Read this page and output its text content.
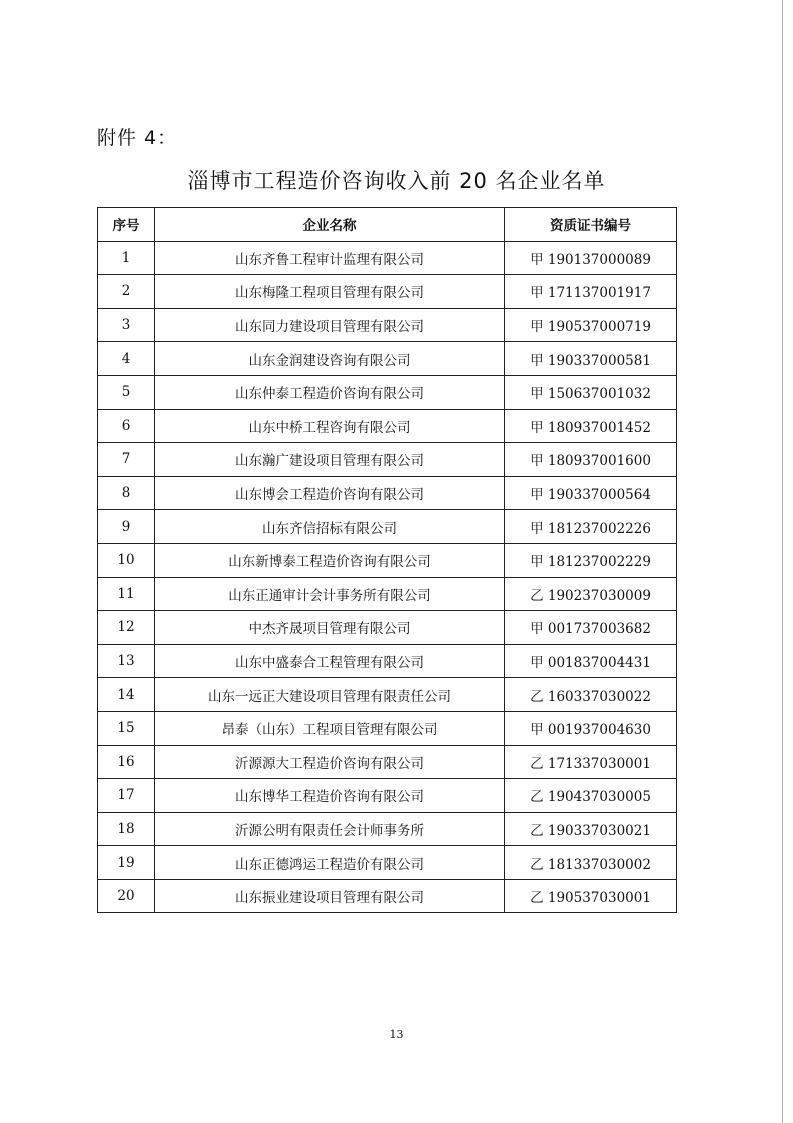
附件 4：
淄博市工程造价咨询收入前 20 名企业名单
序号	企业名称	资质证书编号
1	山东齐鲁工程审计监理有限公司	甲 190137000089
2	山东梅隆工程项目管理有限公司	甲 171137001917
3	山东同力建设项目管理有限公司	甲 190537000719
4	山东金润建设咨询有限公司	甲 190337000581
5	山东仲泰工程造价咨询有限公司	甲 150637001032
6	山东中桥工程咨询有限公司	甲 180937001452
7	山东瀚广建设项目管理有限公司	甲 180937001600
8	山东博会工程造价咨询有限公司	甲 190337000564
9	山东齐信招标有限公司	甲 181237002226
10	山东新博泰工程造价咨询有限公司	甲 181237002229
11	山东正通审计会计事务所有限公司	乙 190237030009
12	中杰齐晟项目管理有限公司	甲 001737003682
13	山东中盛泰合工程管理有限公司	甲 001837004431
14	山东一远正大建设项目管理有限责任公司	乙 160337030022
15	昂泰（山东）工程项目管理有限公司	甲 001937004630
16	沂源源大工程造价咨询有限公司	乙 171337030001
17	山东博华工程造价咨询有限公司	乙 190437030005
18	沂源公明有限责任会计师事务所	乙 190337030021
19	山东正德鸿运工程造价有限公司	乙 181337030002
20	山东振业建设项目管理有限公司	乙 190537030001
13
